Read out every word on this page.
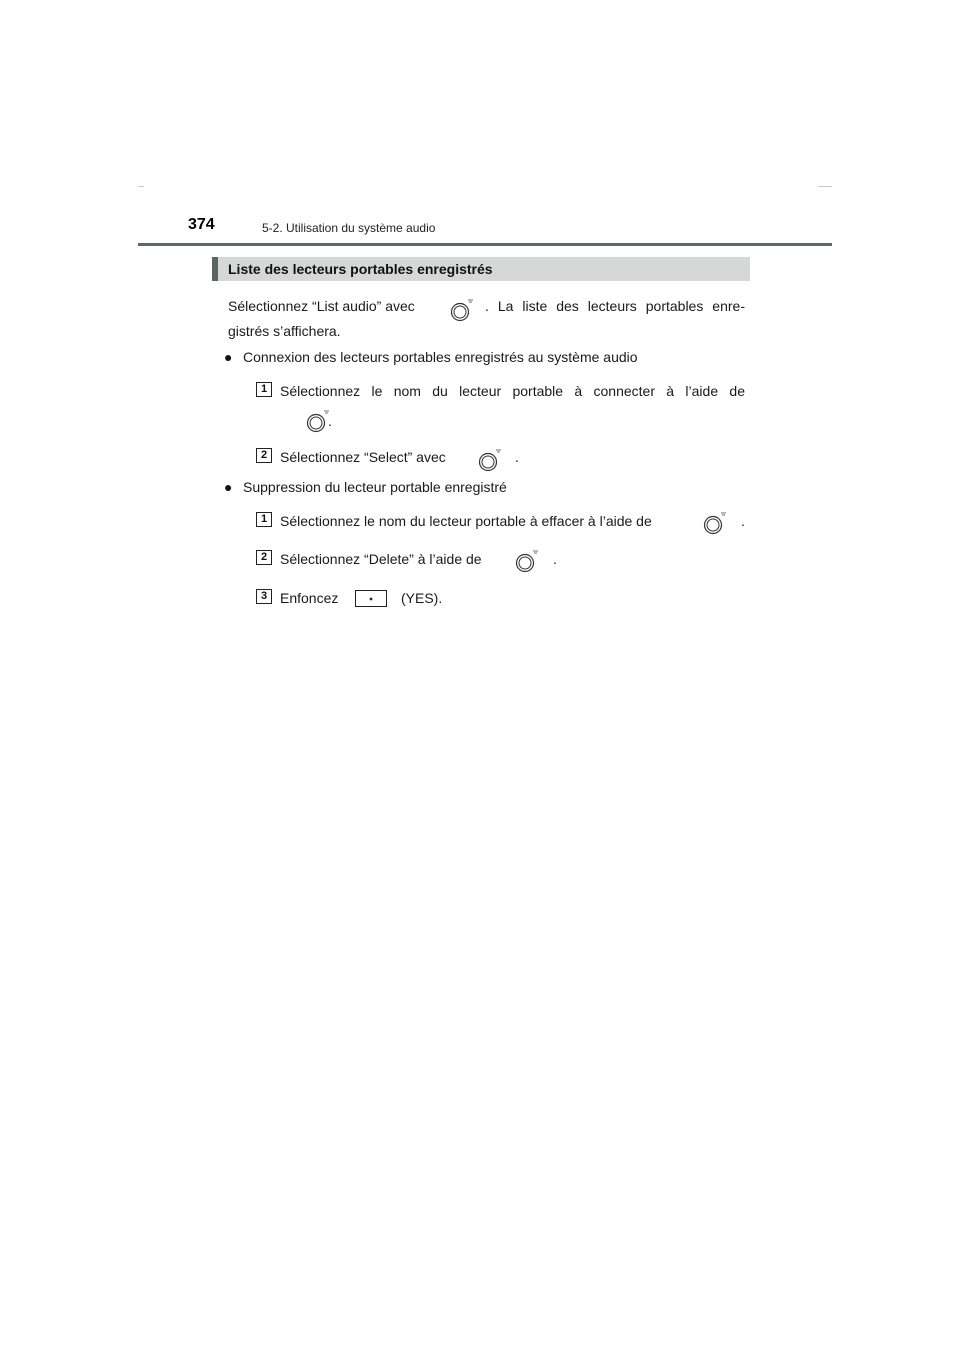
374	5-2. Utilisation du système audio
Liste des lecteurs portables enregistrés
Sélectionnez “List audio” avec	. La liste des lecteurs portables enre-
gistrés s’affichera.
● Connexion des lecteurs portables enregistrés au système audio
1 Sélectionnez le nom du lecteur portable à connecter à l’aide de
.
2 Sélectionnez “Select” avec	.
● Suppression du lecteur portable enregistré
1 Sélectionnez le nom du lecteur portable à effacer à l’aide de	.
2 Sélectionnez “Delete” à l’aide de	.
3 Enfoncez	(YES).
